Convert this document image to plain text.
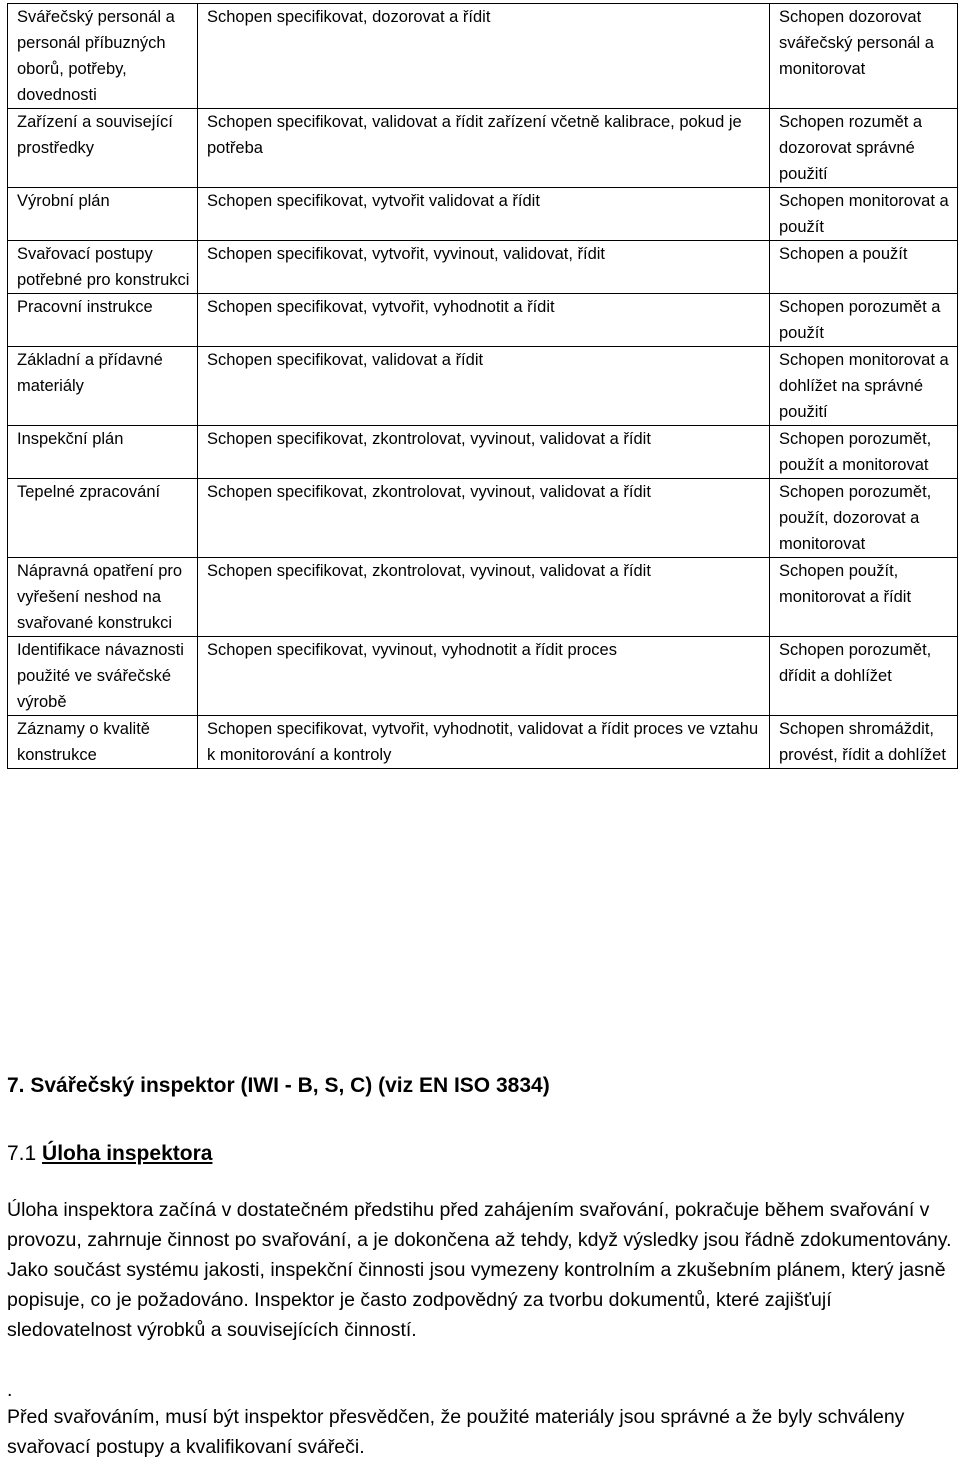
Svářečský personál a personál příbuzných oborů, potřeby, dovednosti	Schopen specifikovat, dozorovat a řídit	Schopen dozorovat svářečský personál a monitorovat
Zařízení a související prostředky	Schopen specifikovat, validovat a řídit zařízení včetně kalibrace, pokud je potřeba	Schopen rozumět a dozorovat správné použití
Výrobní plán	Schopen specifikovat, vytvořit validovat a řídit	Schopen monitorovat a použít
Svařovací postupy potřebné pro konstrukci	Schopen specifikovat, vytvořit, vyvinout, validovat, řídit	Schopen a použít
Pracovní instrukce	Schopen specifikovat, vytvořit, vyhodnotit a řídit	Schopen porozumět a použít
Základní a přídavné materiály	Schopen specifikovat, validovat a řídit	Schopen monitorovat a dohlížet na správné použití
Inspekční plán	Schopen specifikovat, zkontrolovat, vyvinout, validovat a řídit	Schopen porozumět, použít a monitorovat
Tepelné zpracování	Schopen specifikovat, zkontrolovat, vyvinout, validovat a řídit	Schopen porozumět, použít, dozorovat a monitorovat
Nápravná opatření pro vyřešení neshod na svařované konstrukci	Schopen specifikovat, zkontrolovat, vyvinout, validovat a řídit	Schopen použít, monitorovat a řídit
Identifikace návaznosti použité ve svářečské výrobě	Schopen specifikovat, vyvinout, vyhodnotit a řídit proces	Schopen porozumět, dřídit a dohlížet
Záznamy o kvalitě konstrukce	Schopen specifikovat, vytvořit, vyhodnotit, validovat a řídit proces ve vztahu k monitorování a kontroly	Schopen shromáždit, provést, řídit a dohlížet
7. Svářečský inspektor (IWI - B, S, C) (viz EN ISO 3834)
7.1 Úloha inspektora

Úloha inspektora začíná v dostatečném předstihu před zahájením svařování, pokračuje během svařování v provozu, zahrnuje činnost po svařování, a je dokončena až tehdy, když výsledky jsou řádně zdokumentovány. Jako součást systému jakosti, inspekční činnosti jsou vymezeny kontrolním a zkušebním plánem, který jasně popisuje, co je požadováno. Inspektor je často zodpovědný za tvorbu dokumentů, které zajišťují sledovatelnost výrobků a souvisejících činností.

.

Před svařováním, musí být inspektor přesvědčen, že použité materiály jsou správné a že byly schváleny svařovací postupy a kvalifikovaní svářeči.
